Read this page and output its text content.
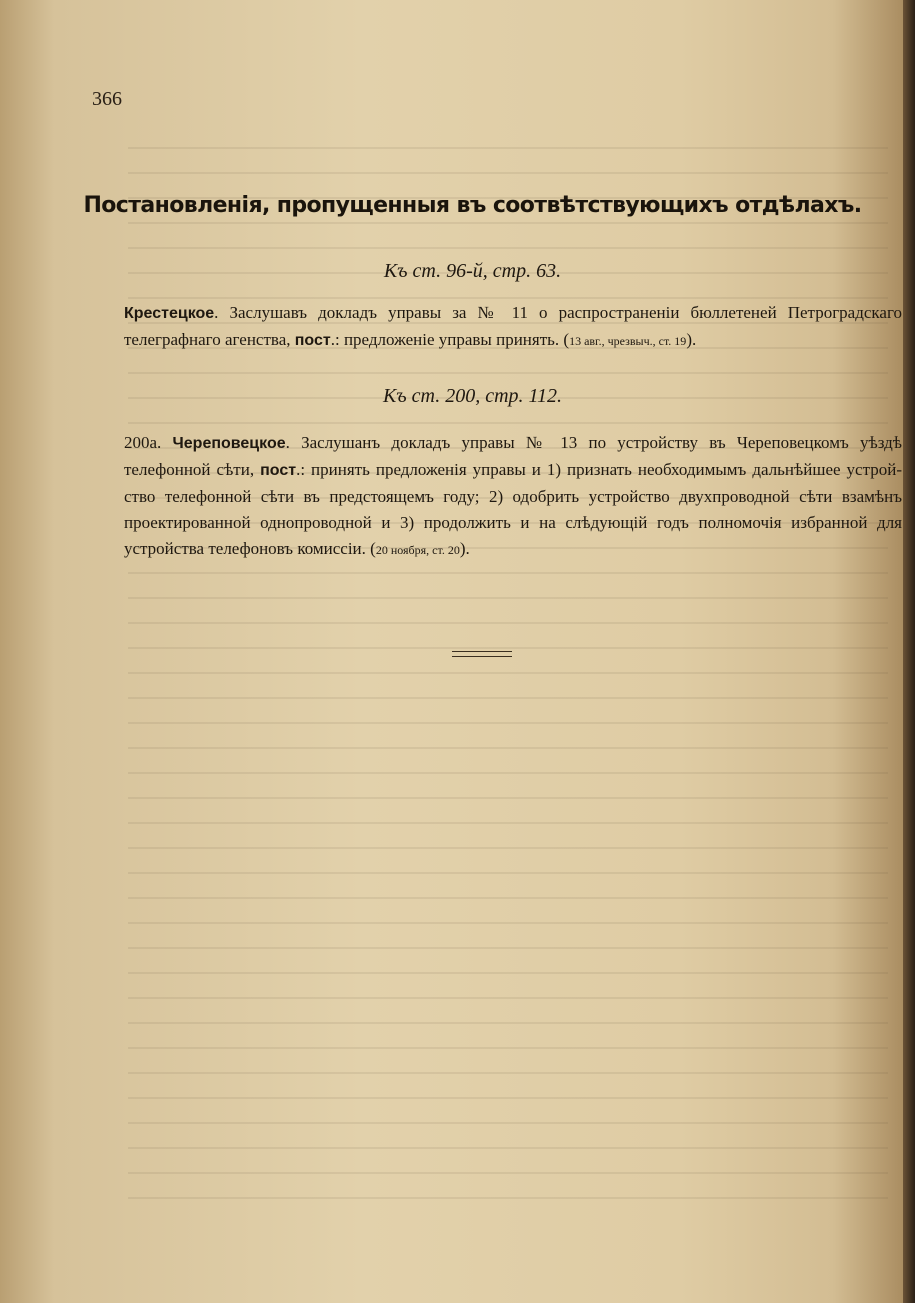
366
Постановленія, пропущенныя въ соотвѣтствующихъ отдѣлахъ.
Къ ст. 96-й, стр. 63.
Крестецкое. Заслушавъ докладъ управы за № 11 о распространеніи бюллетеней Петроградскаго
телеграфнаго агенства, пост.: предложеніе управы принять. (13 авг., чрезвыч., ст. 19).
Къ ст. 200, стр. 112.
200а. Череповецкое. Заслушанъ докладъ управы № 13 по устройству въ Череповецкомъ уѣздѣ
телефонной сѣти, пост.: принять предложенія управы и 1) признать необходимымъ дальнѣйшее устрой-
ство телефонной сѣти въ предстоящемъ году; 2) одобрить устройство двухпроводной сѣти взамѣнъ
проектированной однопроводной и 3) продолжить и на слѣдующій годъ полномочія избранной для
устройства телефоновъ комиссіи. (20 ноября, ст. 20).
